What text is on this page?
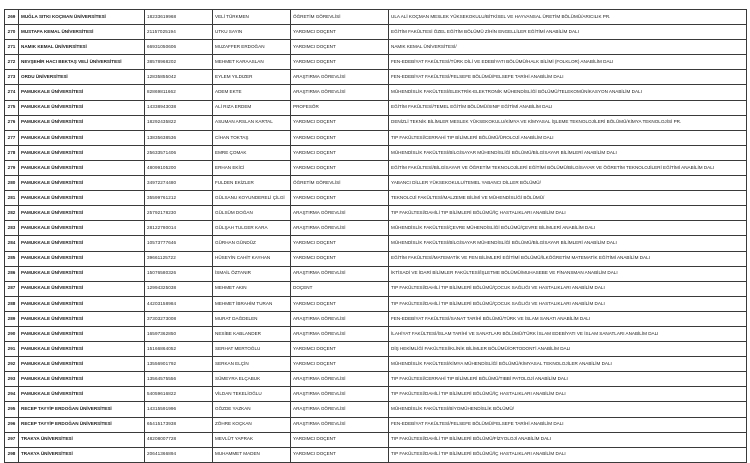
269	MUĞLA SITKI KOÇMAN ÜNİVERSİTESİ	18233619968	VELİ TÜRKMEN	ÖĞRETİM GÖREVLİSİ	ULA ALİ KOÇMAN MESLEK YÜKSEKOKULU/BİTKİSEL VE HAYVANSAL ÜRETİM BÖLÜMÜ/ARICILIK PR.
270	MUSTAFA KEMAL ÜNİVERSİTESİ	21157025194	UTKU SAYIN	YARDIMCI DOÇENT	EĞİTİM FAKÜLTESİ ÖZEL EĞİTİM BÖLÜMÜ ZİHİN ENGELLİLER EĞİTİMİ ANABİLİM DALI
271	NAMIK KEMAL ÜNİVERSİTESİ	66931050606	MUZAFFER ERDOĞAN	YARDIMCI DOÇENT	NAMIK KEMAL ÜNİVERSİTESİ/
272	NEVŞEHİR HACI BEKTAŞ VELİ ÜNİVERSİTESİ	38578968202	MEHMET KARAASLAN	YARDIMCI DOÇENT	FEN-EDEBİYAT FAKÜLTESİ/TÜRK DİLİ VE EDEBİYATI BÖLÜMÜ/HALK BİLİMİ (FOLKLOR) ANABİLİM DALI
273	ORDU ÜNİVERSİTESİ	12835855042	EYLEM YILDIZER	ARAŞTIRMA GÖREVLİSİ	FEN-EDEBİYAT FAKÜLTESİ/FELSEFE BÖLÜMÜ/FELSEFE TARİHİ ANABİLİM DALI
274	PAMUKKALE ÜNİVERSİTESİ	82869811662	ADEM EKTE	ARAŞTIRMA GÖREVLİSİ	MÜHENDİSLİK FAKÜLTESİ/ELEKTRİK-ELEKTRONİK MÜHENDİSLİĞİ BÖLÜMÜ/TELEKOMÜNİKASYON ANABİLİM DALI
275	PAMUKKALE ÜNİVERSİTESİ	14338943038	ALİ RIZA ERDEM	PROFESÖR	EĞİTİM FAKÜLTESİ/TEMEL EĞİTİM BÖLÜMÜ/SINIF EĞİTİMİ ANABİLİM DALI
276	PAMUKKALE ÜNİVERSİTESİ	18292435822	ASUMAN ARSLAN KARTAL	YARDIMCI DOÇENT	DENİZLİ TEKNİK BİLİMLER MESLEK YÜKSEKOKULU/KİMYA VE KİMYASAL İŞLEME TEKNOLOJİLERİ BÖLÜMÜ/KİMYA TEKNOLOJİSİ PR.
277	PAMUKKALE ÜNİVERSİTESİ	13835638536	CİHAN TOKTAŞ	YARDIMCI DOÇENT	TIP FAKÜLTESİ/CERRAHİ TIP BİLİMLERİ BÖLÜMÜ/ÜROLOJİ ANABİLİM DALI
278	PAMUKKALE ÜNİVERSİTESİ	25633571406	EMRE ÇOMAK	YARDIMCI DOÇENT	MÜHENDİSLİK FAKÜLTESİ/BİLGİSAYAR MÜHENDİSLİĞİ BÖLÜMÜ/BİLGİSAYAR BİLİMLERİ ANABİLİM DALI
279	PAMUKKALE ÜNİVERSİTESİ	48099105200	ERHAN EKİCİ	YARDIMCI DOÇENT	EĞİTİM FAKÜLTESİ/BİLGİSAYAR VE ÖĞRETİM TEKNOLOJİLERİ EĞİTİMİ BÖLÜMÜ/BİLGİSAYAR VE ÖĞRETİM TEKNOLOJİLERİ EĞİTİMİ ANABİLİM DALI
280	PAMUKKALE ÜNİVERSİTESİ	34972274480	FULDEN EKİZLER	ÖĞRETİM GÖREVLİSİ	YABANCI DİLLER YÜKSEKOKULU/TEMEL YABANCI DİLLER BÖLÜMÜ/
281	PAMUKKALE ÜNİVERSİTESİ	35599761212	GÜLSANU KOYUNDERELİ ÇİLGİ	YARDIMCI DOÇENT	TEKNOLOJİ FAKÜLTESİ/MALZEME BİLİMİ VE MÜHENDİSLİĞİ BÖLÜMÜ/
282	PAMUKKALE ÜNİVERSİTESİ	25792178230	GÜLSÜM DOĞAN	ARAŞTIRMA GÖREVLİSİ	TIP FAKÜLTESİ/DAHİLİ TIP BİLİMLERİ BÖLÜMÜ/İÇ HASTALIKLARI ANABİLİM DALI
283	PAMUKKALE ÜNİVERSİTESİ	28122780014	GÜLŞAH TULGER KARA	ARAŞTIRMA GÖREVLİSİ	MÜHENDİSLİK FAKÜLTESİ/ÇEVRE MÜHENDİSLİĞİ BÖLÜMÜ/ÇEVRE BİLİMLERİ ANABİLİM DALI
284	PAMUKKALE ÜNİVERSİTESİ	10573777646	GÜRHAN GÜNDÜZ	YARDIMCI DOÇENT	MÜHENDİSLİK FAKÜLTESİ/BİLGİSAYAR MÜHENDİSLİĞİ BÖLÜMÜ/BİLGİSAYAR BİLİMLERİ ANABİLİM DALI
285	PAMUKKALE ÜNİVERSİTESİ	39661125722	HÜSEYİN CAHİT KAYHAN	YARDIMCI DOÇENT	EĞİTİM FAKÜLTESİ/MATEMATİK VE FEN BİLİMLERİ EĞİTİMİ BÖLÜMÜ/İLKÖĞRETİM MATEMATİK EĞİTİMİ ANABİLİM DALI
286	PAMUKKALE ÜNİVERSİTESİ	15076580326	İSMAİL ÖZTANIR	ARAŞTIRMA GÖREVLİSİ	İKTİSADİ VE İDARİ BİLİMLER FAKÜLTESİ/İŞLETME BÖLÜMÜ/MUHASEBE VE FİNANSMAN ANABİLİM DALI
287	PAMUKKALE ÜNİVERSİTESİ	12994325038	MEHMET AKIN	DOÇENT	TIP FAKÜLTESİ/DAHİLİ TIP BİLİMLERİ BÖLÜMÜ/ÇOCUK SAĞLIĞI VE HASTALIKLARI ANABİLİM DALI
288	PAMUKKALE ÜNİVERSİTESİ	44203158984	MEHMET İBRAHİM TURAN	YARDIMCI DOÇENT	TIP FAKÜLTESİ/DAHİLİ TIP BİLİMLERİ BÖLÜMÜ/ÇOCUK SAĞLIĞI VE HASTALIKLARI ANABİLİM DALI
289	PAMUKKALE ÜNİVERSİTESİ	37303273008	MURAT DAĞDELEN	ARAŞTIRMA GÖREVLİSİ	FEN-EDEBİYAT FAKÜLTESİ/SANAT TARİHİ BÖLÜMÜ/TÜRK VE İSLAM SANATI ANABİLİM DALI
290	PAMUKKALE ÜNİVERSİTESİ	16597362850	NESİBE KABLANDER	ARAŞTIRMA GÖREVLİSİ	İLAHİYAT FAKÜLTESİ/İSLAM TARİHİ VE SANATLARI BÖLÜMÜ/TÜRK İSLAM EDEBİYATI VE İSLAM SANATLARI ANABİLİM DALI
291	PAMUKKALE ÜNİVERSİTESİ	15166864052	SERHAT MERTOĞLU	YARDIMCI DOÇENT	DİŞ HEKİMLİĞİ FAKÜLTESİ/KLİNİK BİLİMLER BÖLÜMÜ/ORTODONTİ ANABİLİM DALI
292	PAMUKKALE ÜNİVERSİTESİ	13556901792	SERKAN ELÇİN	YARDIMCI DOÇENT	MÜHENDİSLİK FAKÜLTESİ/KİMYA MÜHENDİSLİĞİ BÖLÜMÜ/KİMYASAL TEKNOLOJİLER ANABİLİM DALI
293	PAMUKKALE ÜNİVERSİTESİ	13564575556	SÜMEYRA ELÇABUK	ARAŞTIRMA GÖREVLİSİ	TIP FAKÜLTESİ/CERRAHİ TIP BİLİMLERİ BÖLÜMÜ/TIBBİ PATOLOJİ ANABİLİM DALI
294	PAMUKKALE ÜNİVERSİTESİ	54059616822	VİLDAN TEKELİOĞLU	ARAŞTIRMA GÖREVLİSİ	TIP FAKÜLTESİ/DAHİLİ TIP BİLİMLERİ BÖLÜMÜ/İÇ HASTALIKLARI ANABİLİM DALI
295	RECEP TAYYİP ERDOĞAN ÜNİVERSİTESİ	14315591996	GÖZDE YAZKAN	ARAŞTIRMA GÖREVLİSİ	MÜHENDİSLİK FAKÜLTESİ/BİYOMÜHENDİSLİK BÖLÜMÜ/
296	RECEP TAYYİP ERDOĞAN ÜNİVERSİTESİ	65415173938	ZÖHRE KOÇKAN	ARAŞTIRMA GÖREVLİSİ	FEN-EDEBİYAT FAKÜLTESİ/FELSEFE BÖLÜMÜ/FELSEFE TARİHİ ANABİLİM DALI
297	TRAKYA ÜNİVERSİTESİ	48208007728	MEVLÜT YAPRAK	YARDIMCI DOÇENT	TIP FAKÜLTESİ/DAHİLİ TIP BİLİMLERİ BÖLÜMÜ/FİZYOLOJİ ANABİLİM DALI
298	TRAKYA ÜNİVERSİTESİ	20641366894	MUHAMMET MADEN	YARDIMCI DOÇENT	TIP FAKÜLTESİ/DAHİLİ TIP BİLİMLERİ BÖLÜMÜ/İÇ HASTALIKLARI ANABİLİM DALI
